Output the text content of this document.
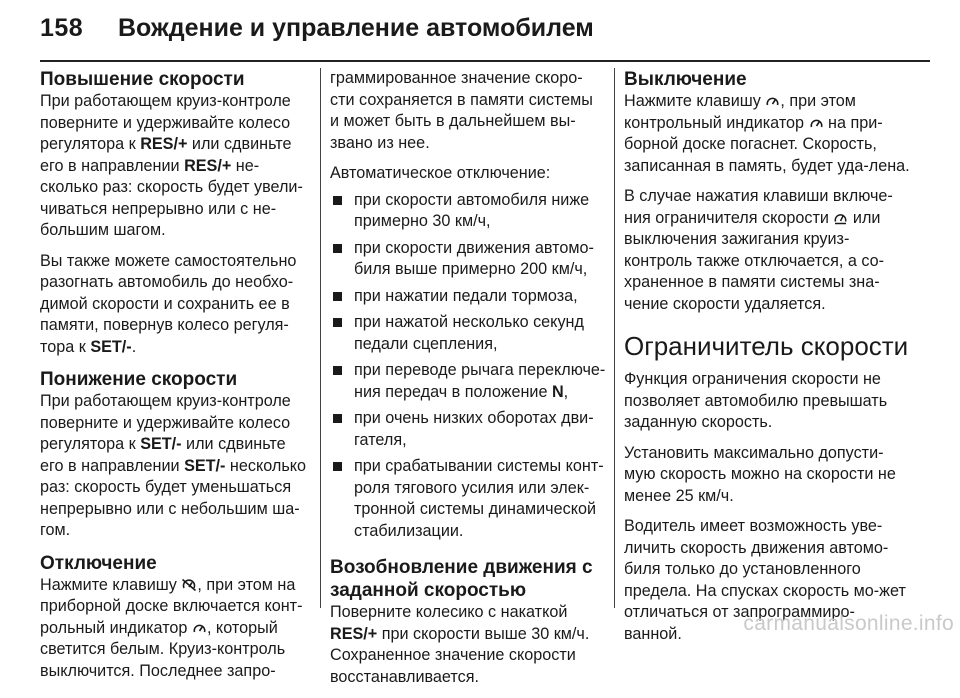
158 Вождение и управление автомобилем
Повышение скорости

При работающем круиз-контроле поверните и удерживайте колесо регулятора к RES/+ или сдвиньте его в направлении RES/+ не-сколько раз: скорость будет увели-чиваться непрерывно или с не-большим шагом.

Вы также можете самостоятельно разогнать автомобиль до необхо-димой скорости и сохранить ее в памяти, повернув колесо регуля-тора к SET/-.

Понижение скорости

При работающем круиз-контроле поверните и удерживайте колесо регулятора к SET/- или сдвиньте его в направлении SET/- несколько раз: скорость будет уменьшаться непрерывно или с небольшим ша-гом.

Отключение

Нажмите клавишу , при этом на приборной доске включается конт-рольный индикатор , который светится белым. Круиз-контроль выключится. Последнее запро-

граммированное значение скоро-сти сохраняется в памяти системы и может быть в дальнейшем вы-звано из нее.

Автоматическое отключение:

при скорости автомобиля ниже примерно 30 км/ч,
при скорости движения автомо-биля выше примерно 200 км/ч,
при нажатии педали тормоза,
при нажатой несколько секунд педали сцепления,
при переводе рычага переключе-ния передач в положение N,
при очень низких оборотах дви-гателя,
при срабатывании системы конт-роля тягового усилия или элек-тронной системы динамической стабилизации.
Возобновление движения с заданной скоростью

Поверните колесико с накаткой RES/+ при скорости выше 30 км/ч. Сохраненное значение скорости восстанавливается.

Выключение

Нажмите клавишу , при этом контрольный индикатор  на при-борной доске погаснет. Скорость, записанная в память, будет уда-лена.

В случае нажатия клавиши включе-ния ограничителя скорости  или выключения зажигания круиз-контроль также отключается, а со-храненное в памяти системы зна-чение скорости удаляется.

Ограничитель скорости

Функция ограничения скорости не позволяет автомобилю превышать заданную скорость.

Установить максимально допусти-мую скорость можно на скорости не менее 25 км/ч.

Водитель имеет возможность уве-личить скорость движения автомо-биля только до установленного предела. На спусках скорость мо-жет отличаться от запрограммиро-ванной.	carmanualsonline.info
